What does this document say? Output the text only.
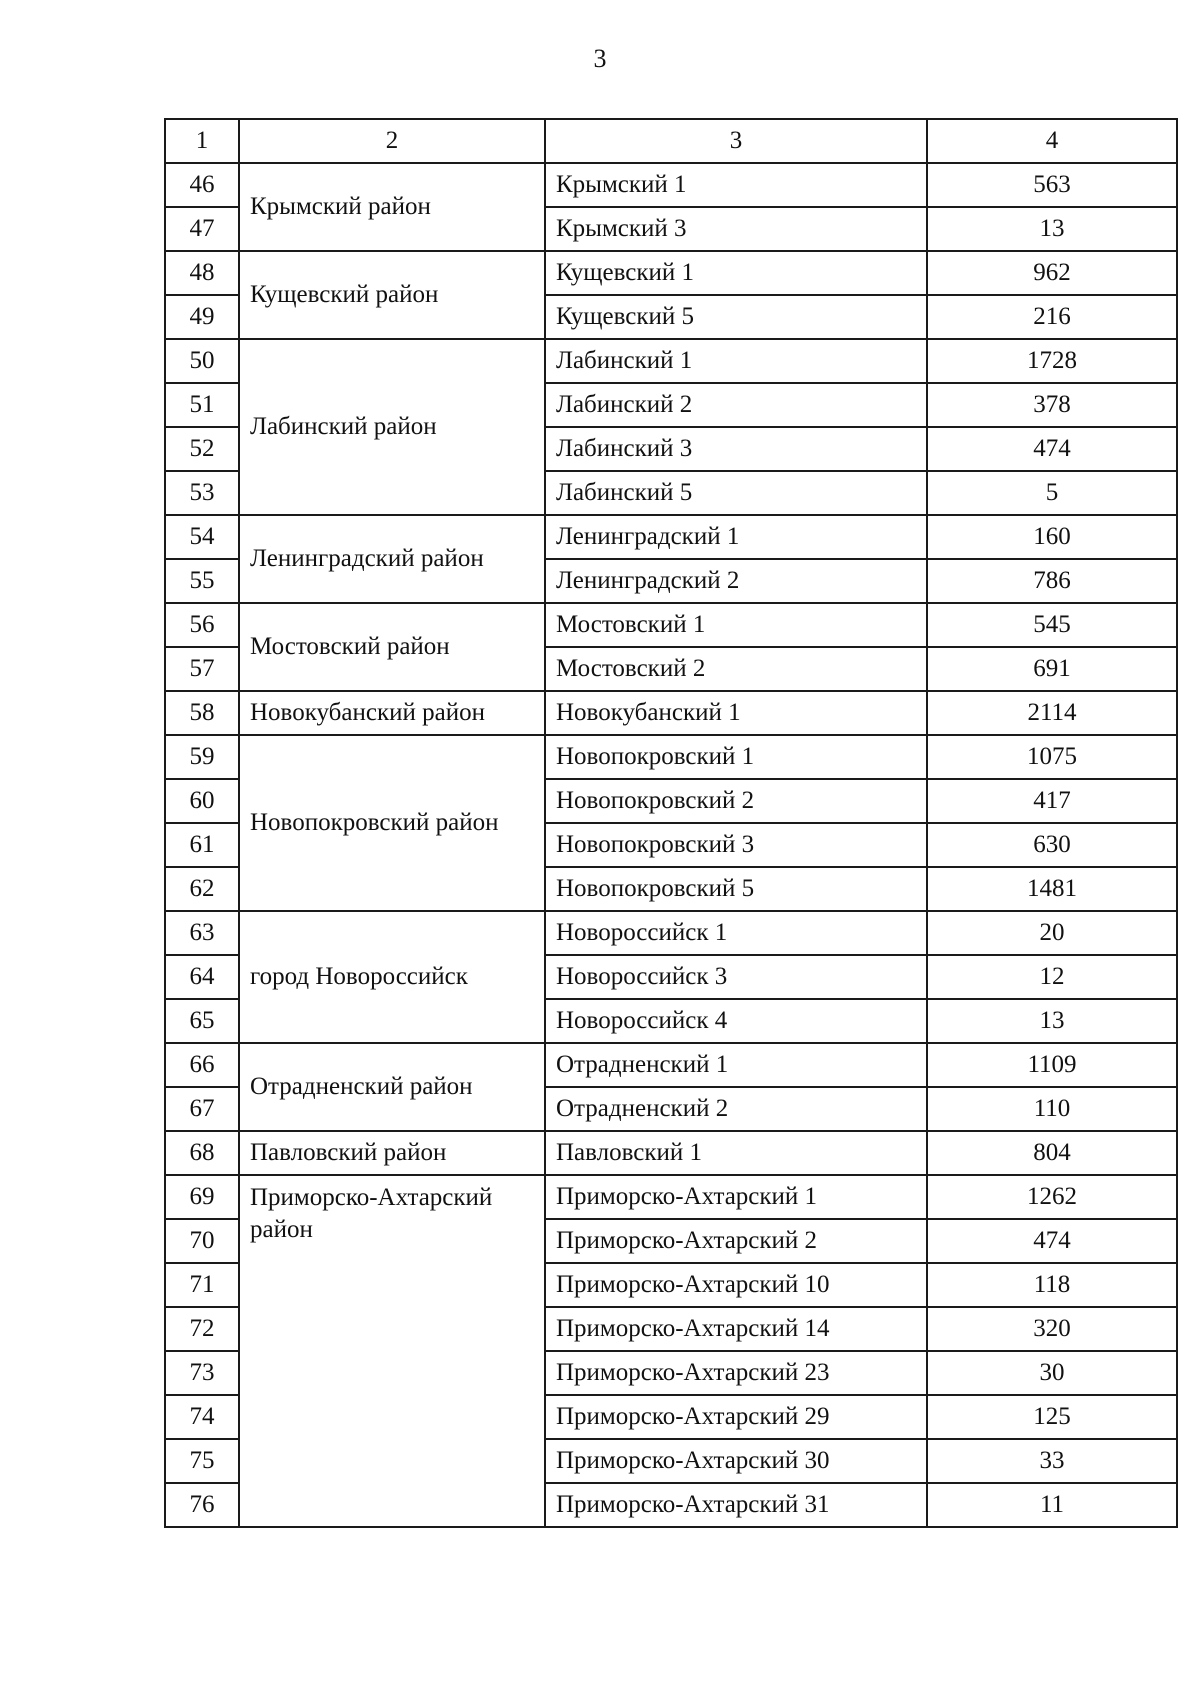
3
1	2	3	4
46	Крымский район	Крымский 1	563
47		Крымский 3	13
48	Кущевский район	Кущевский 1	962
49		Кущевский 5	216
50	Лабинский район	Лабинский 1	1728
51		Лабинский 2	378
52		Лабинский 3	474
53		Лабинский 5	5
54	Ленинградский район	Ленинградский 1	160
55		Ленинградский 2	786
56	Мостовский район	Мостовский 1	545
57		Мостовский 2	691
58	Новокубанский район	Новокубанский 1	2114
59	Новопокровский район	Новопокровский 1	1075
60		Новопокровский 2	417
61		Новопокровский 3	630
62		Новопокровский 5	1481
63	город Новороссийск	Новороссийск 1	20
64		Новороссийск 3	12
65		Новороссийск 4	13
66	Отрадненский район	Отрадненский 1	1109
67		Отрадненский 2	110
68	Павловский район	Павловский 1	804
69	Приморско-Ахтарский район	Приморско-Ахтарский 1	1262
70		Приморско-Ахтарский 2	474
71		Приморско-Ахтарский 10	118
72		Приморско-Ахтарский 14	320
73		Приморско-Ахтарский 23	30
74		Приморско-Ахтарский 29	125
75		Приморско-Ахтарский 30	33
76		Приморско-Ахтарский 31	11
